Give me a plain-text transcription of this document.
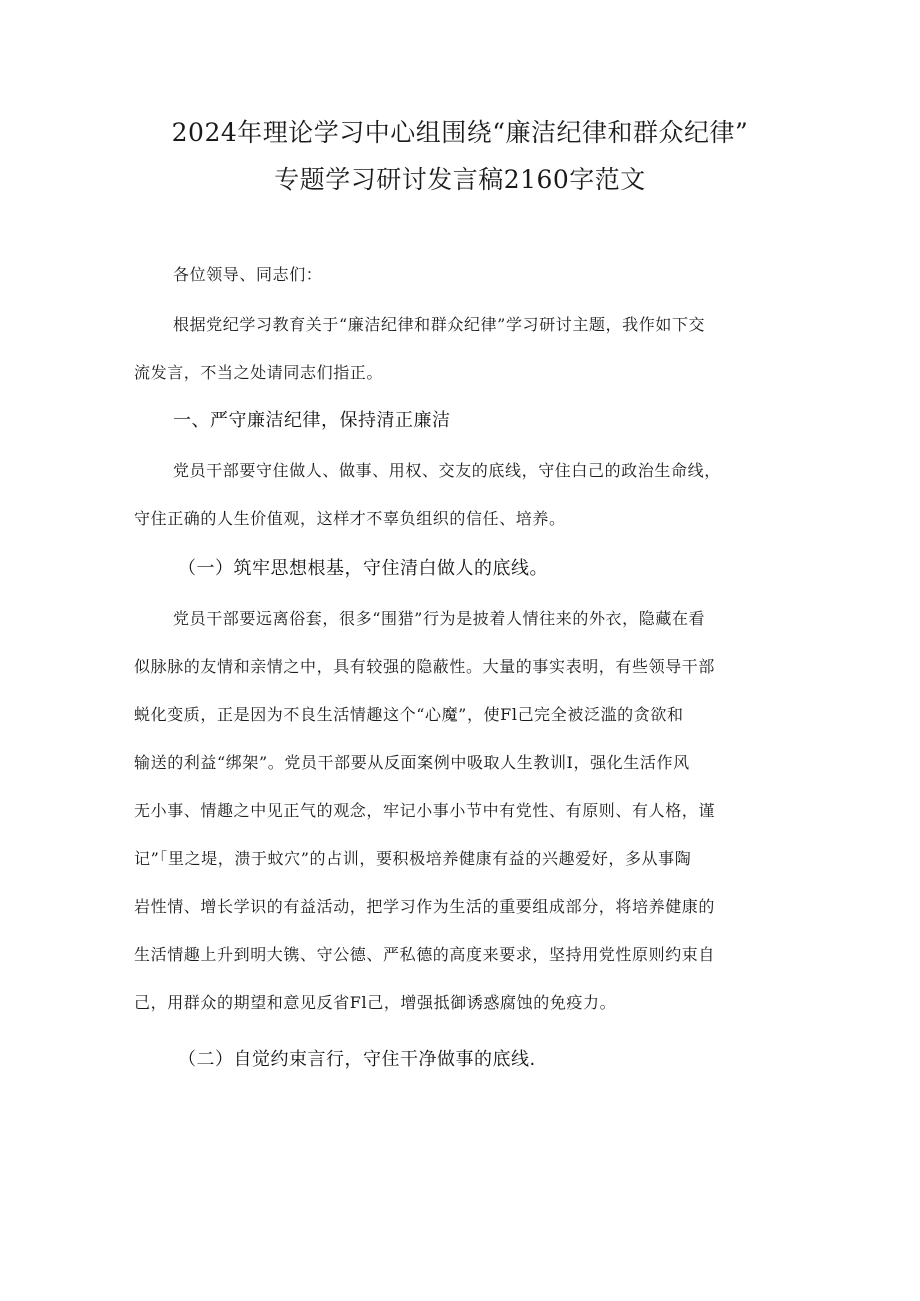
2024年理论学习中心组围绕“廉洁纪律和群众纪律”
专题学习研讨发言稿2160字范文
各位领导、同志们：
根据党纪学习教育关于“廉洁纪律和群众纪律”学习研讨主题，我作如下交
流发言，不当之处请同志们指正。
一、严守廉洁纪律，保持清正廉洁
党员干部要守住做人、做事、用权、交友的底线，守住白己的政治生命线，
守住正确的人生价值观，这样才不辜负组织的信任、培养。
（一）筑牢思想根基，守住清白做人的底线。
党员干部要远离俗套，很多“围猎”行为是披着人情往来的外衣，隐藏在看
似脉脉的友情和亲情之中，具有较强的隐蔽性。大量的事实表明，有些领导干部
蜕化变质，正是因为不良生活情趣这个“心魔”，使Fl己完全被泛滥的贪欲和
输送的利益“绑架”。党员干部要从反面案例中吸取人生教训I，强化生活作风
无小事、情趣之中见正气的观念，牢记小事小节中有党性、有原则、有人格，谨
记”「里之堤，溃于蚊穴”的占训，要积极培养健康有益的兴趣爱好，多从事陶
岩性情、增长学识的有益活动，把学习作为生活的重要组成部分，将培养健康的
生活情趣上升到明大镌、守公德、严私德的高度来要求，坚持用党性原则约束自
己，用群众的期望和意见反省Fl己，增强抵御诱惑腐蚀的免疫力。
（二）自觉约束言行，守住干净做事的底线.
